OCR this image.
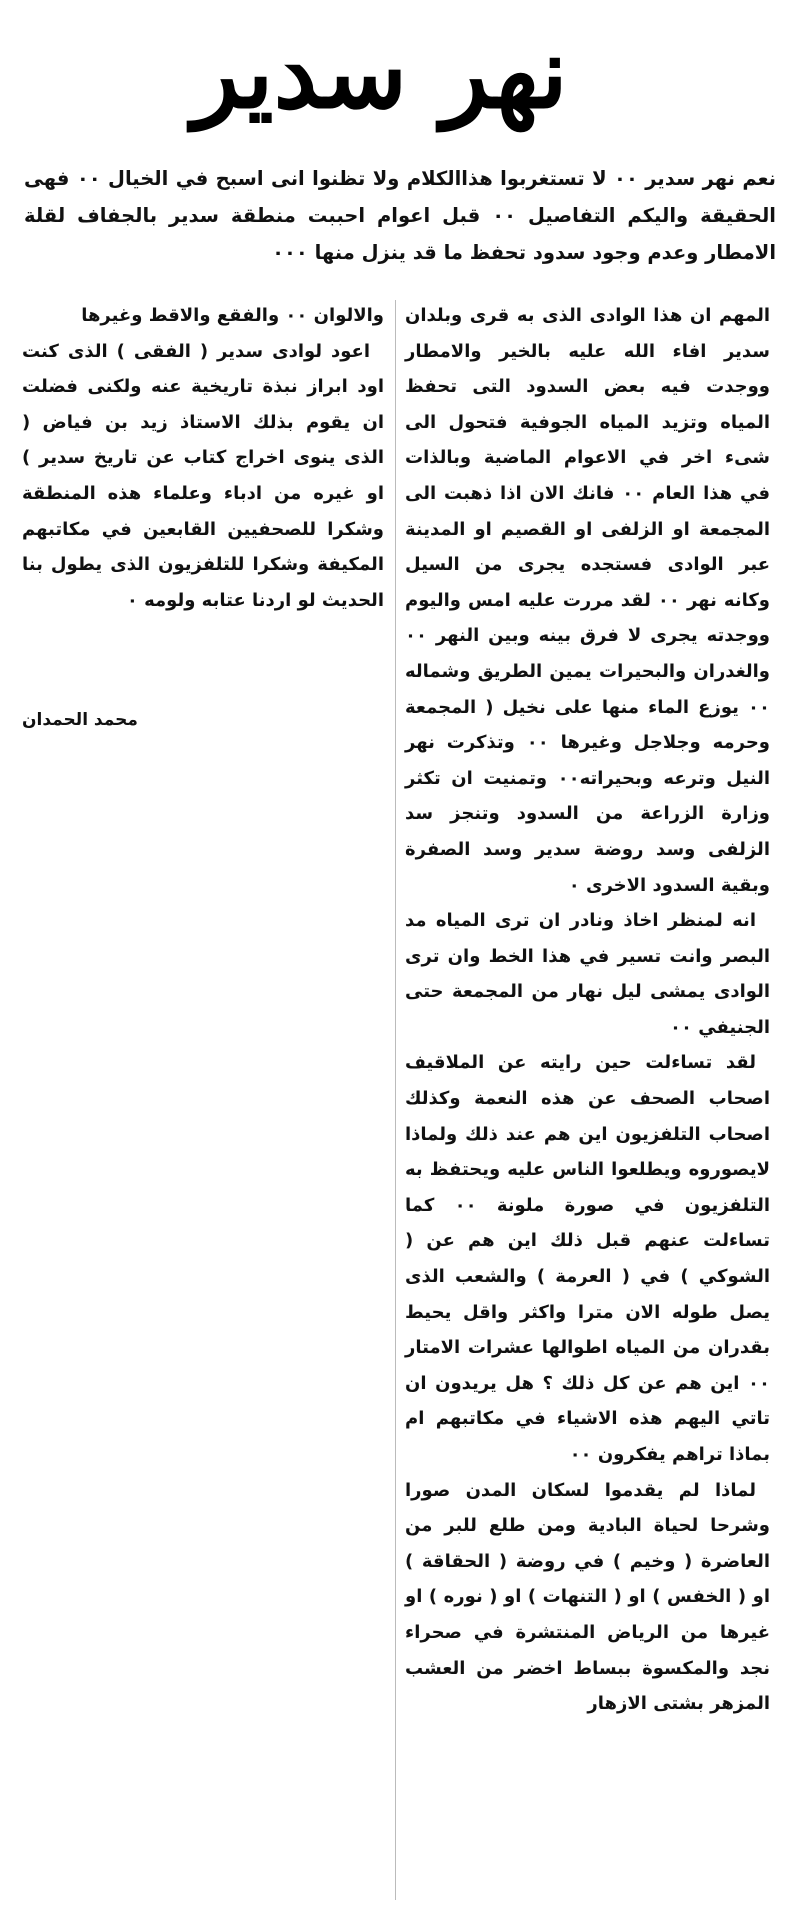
نهر سدير

نعم نهر سدير ٠٠ لا تستغربوا هذاالكلام ولا تظنوا انى اسبح في الخيال ٠٠ فهى الحقيقة واليكم التفاصيل ٠٠ قبل اعوام احببت منطقة سدير بالجفاف لقلة الامطار وعدم وجود سدود تحفظ ما قد ينزل منها ٠٠٠

المهم ان هذا الوادى الذى به قرى وبلدان سدير افاء الله عليه بالخير والامطار ووجدت فيه بعض السدود التى تحفظ المياه وتزيد المياه الجوفية فتحول الى شىء اخر في الاعوام الماضية وبالذات في هذا العام ٠٠ فانك الان اذا ذهبت الى المجمعة او الزلفى او القصيم او المدينة عبر الوادى فستجده يجرى من السيل وكانه نهر ٠٠ لقد مررت عليه امس واليوم ووجدته يجرى لا فرق بينه وبين النهر ٠٠ والغدران والبحيرات يمين الطريق وشماله ٠٠ يوزع الماء منها على نخيل ( المجمعة وحرمه وجلاجل وغيرها ٠٠ وتذكرت نهر النيل وترعه وبحيراته٠٠ وتمنيت ان تكثر وزارة الزراعة من السدود وتنجز سد الزلفى وسد روضة سدير وسد الصفرة وبقية السدود الاخرى ٠

انه لمنظر اخاذ ونادر ان ترى المياه مد البصر وانت تسير في هذا الخط وان ترى الوادى يمشى ليل نهار من المجمعة حتى الجنيفي ٠٠

لقد تساءلت حين رايته عن الملاقيف اصحاب الصحف عن هذه النعمة وكذلك اصحاب التلفزيون اين هم عند ذلك ولماذا لايصوروه ويطلعوا الناس عليه ويحتفظ به التلفزيون في صورة ملونة ٠٠ كما تساءلت عنهم قبل ذلك اين هم عن ( الشوكي ) في ( العرمة ) والشعب الذى يصل طوله الان مترا واكثر واقل يحيط بقدران من المياه اطوالها عشرات الامتار ٠٠ اين هم عن كل ذلك ؟ هل يريدون ان تاتي اليهم هذه الاشياء في مكاتبهم ام بماذا تراهم يفكرون ٠٠

لماذا لم يقدموا لسكان المدن صورا وشرحا لحياة البادية ومن طلع للبر من العاضرة ( وخيم ) في روضة ( الحقاقة ) او ( الخفس ) او ( التنهات ) او ( نوره ) او غيرها من الرياض المنتشرة في صحراء نجد والمكسوة ببساط اخضر من العشب المزهر بشتى الازهار

والالوان ٠٠ والفقع والاقط وغيرها

اعود لوادى سدير ( الفقى ) الذى كنت اود ابراز نبذة تاريخية عنه ولكنى فضلت ان يقوم بذلك الاستاذ زيد بن فياض ( الذى ينوى اخراج كتاب عن تاريخ سدير ) او غيره من ادباء وعلماء هذه المنطقة وشكرا للصحفيين القابعين في مكاتبهم المكيفة وشكرا للتلفزيون الذى يطول بنا الحديث لو اردنا عتابه ولومه ٠

محمد الحمدان
